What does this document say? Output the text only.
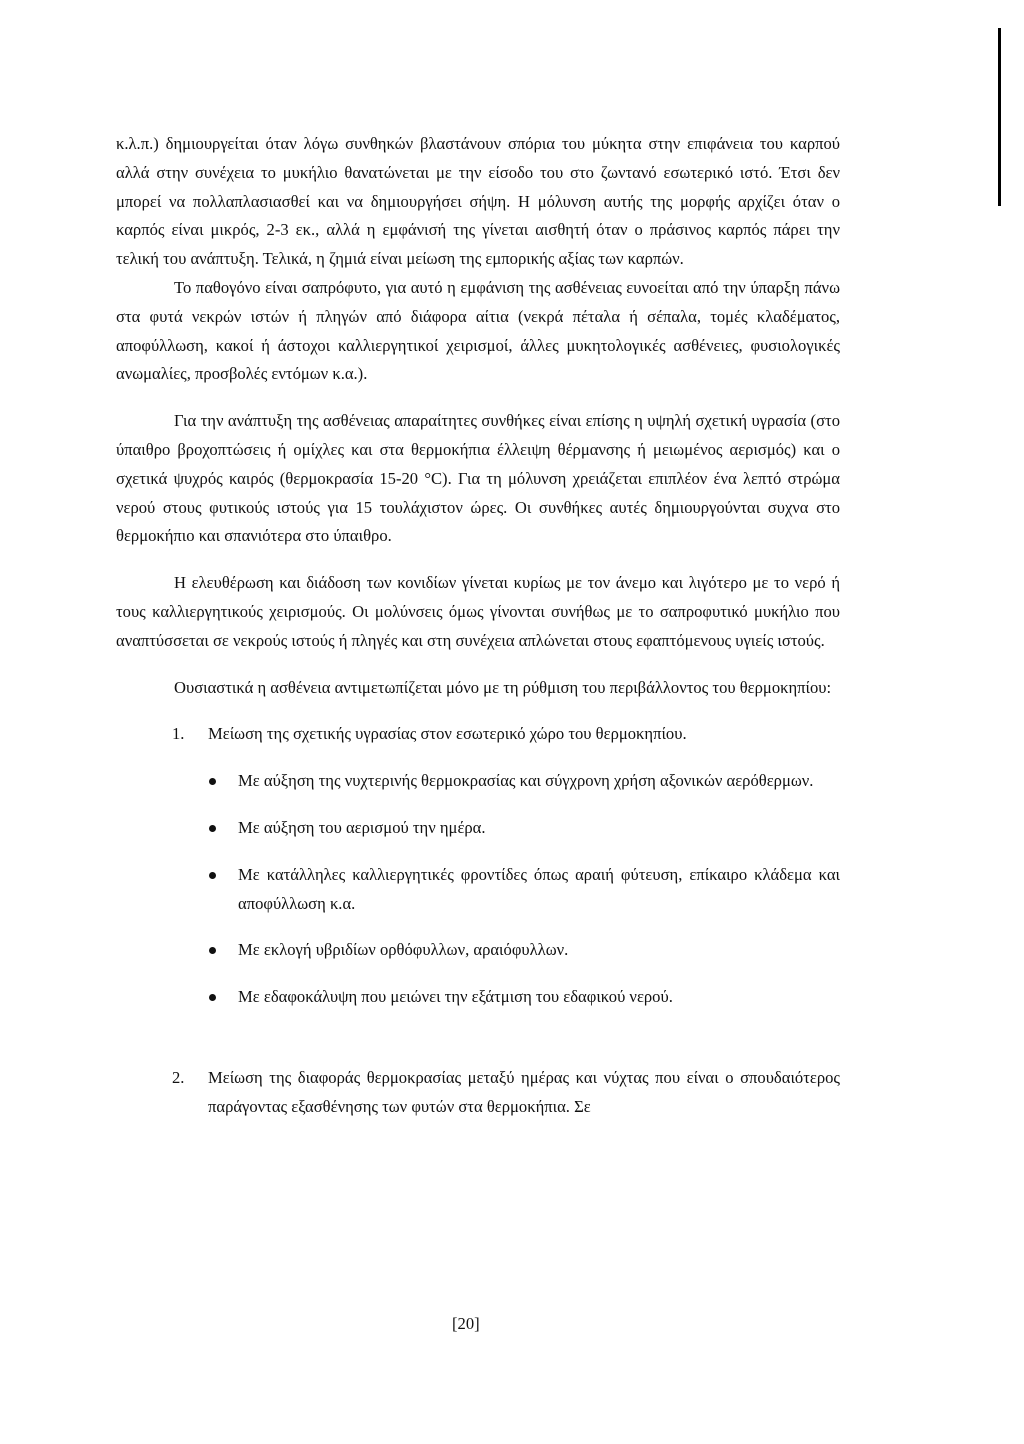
κ.λ.π.) δημιουργείται όταν λόγω συνθηκών βλαστάνουν σπόρια του μύκητα στην επιφάνεια του καρπού αλλά στην συνέχεια το μυκήλιο θανατώνεται με την είσοδο του στο ζωντανό εσωτερικό ιστό. Έτσι δεν μπορεί να πολλαπλασιασθεί και να δημιουργήσει σήψη. Η μόλυνση αυτής της μορφής αρχίζει όταν ο καρπός είναι μικρός, 2-3 εκ., αλλά η εμφάνισή της γίνεται αισθητή όταν ο πράσινος καρπός πάρει την τελική του ανάπτυξη. Τελικά, η ζημιά είναι μείωση της εμπορικής αξίας των καρπών.

Το παθογόνο είναι σαπρόφυτο, για αυτό η εμφάνιση της ασθένειας ευνοείται από την ύπαρξη πάνω στα φυτά νεκρών ιστών ή πληγών από διάφορα αίτια (νεκρά πέταλα ή σέπαλα, τομές κλαδέματος, αποφύλλωση, κακοί ή άστοχοι καλλιεργητικοί χειρισμοί, άλλες μυκητολογικές ασθένειες, φυσιολογικές ανωμαλίες, προσβολές εντόμων κ.α.).

Για την ανάπτυξη της ασθένειας απαραίτητες συνθήκες είναι επίσης η υψηλή σχετική υγρασία (στο ύπαιθρο βροχοπτώσεις ή ομίχλες και στα θερμοκήπια έλλειψη θέρμανσης ή μειωμένος αερισμός) και ο σχετικά ψυχρός καιρός (θερμοκρασία 15-20 °C). Για τη μόλυνση χρειάζεται επιπλέον ένα λεπτό στρώμα νερού στους φυτικούς ιστούς για 15 τουλάχιστον ώρες. Οι συνθήκες αυτές δημιουργούνται συχνα στο θερμοκήπιο και σπανιότερα στο ύπαιθρο.

Η ελευθέρωση και διάδοση των κονιδίων γίνεται κυρίως με τον άνεμο και λιγότερο με το νερό ή τους καλλιεργητικούς χειρισμούς. Οι μολύνσεις όμως γίνονται συνήθως με το σαπροφυτικό μυκήλιο που αναπτύσσεται σε νεκρούς ιστούς ή πληγές και στη συνέχεια απλώνεται στους εφαπτόμενους υγιείς ιστούς.

Ουσιαστικά η ασθένεια αντιμετωπίζεται μόνο με τη ρύθμιση του περιβάλλοντος του θερμοκηπίου:

1. Μείωση της σχετικής υγρασίας στον εσωτερικό χώρο του θερμοκηπίου.
Με αύξηση της νυχτερινής θερμοκρασίας και σύγχρονη χρήση αξονικών αερόθερμων.
Με αύξηση του αερισμού την ημέρα.
Με κατάλληλες καλλιεργητικές φροντίδες όπως αραιή φύτευση, επίκαιρο κλάδεμα και αποφύλλωση κ.α.
Με εκλογή υβριδίων ορθόφυλλων, αραιόφυλλων.
Με εδαφοκάλυψη που μειώνει την εξάτμιση του εδαφικού νερού.
2. Μείωση της διαφοράς θερμοκρασίας μεταξύ ημέρας και νύχτας που είναι ο σπουδαιότερος παράγοντας εξασθένησης των φυτών στα θερμοκήπια. Σε
[20]
